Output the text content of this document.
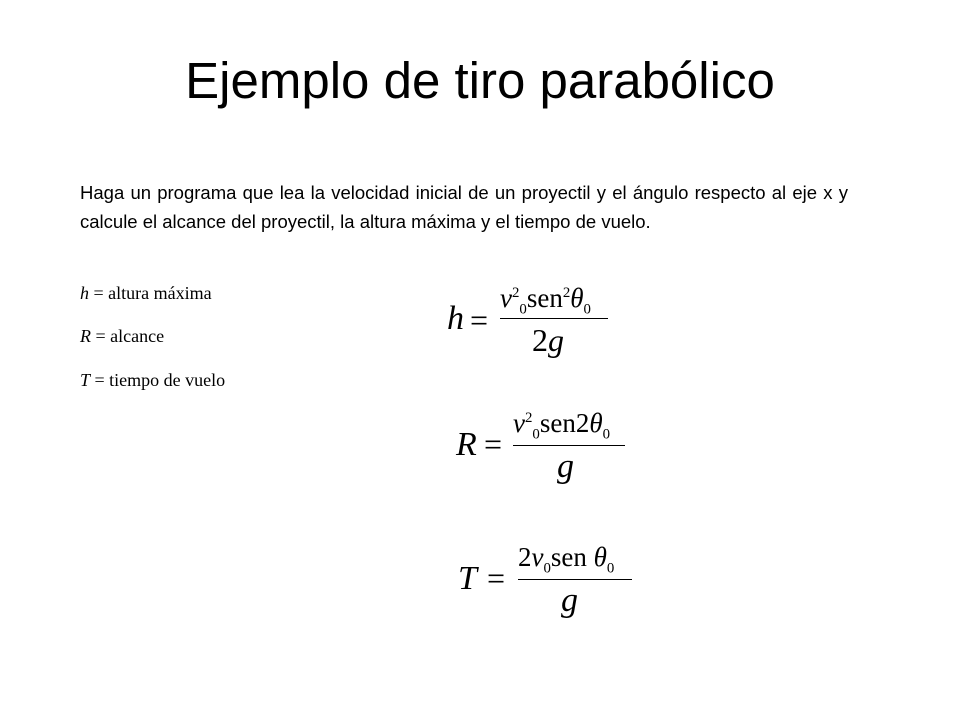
Ejemplo de tiro parabólico

Haga un programa que lea la velocidad inicial de un proyectil y el ángulo respecto al eje x y calcule el alcance del proyectil, la altura máxima y el tiempo de vuelo.

h = altura máxima
R = alcance
T = tiempo de vuelo
h =
$v^2_0sen^2\theta_0$
2g
R =
$v^2_0sen2\theta_0$
g
T =
$2v_0sen$ $\theta_0$
g
